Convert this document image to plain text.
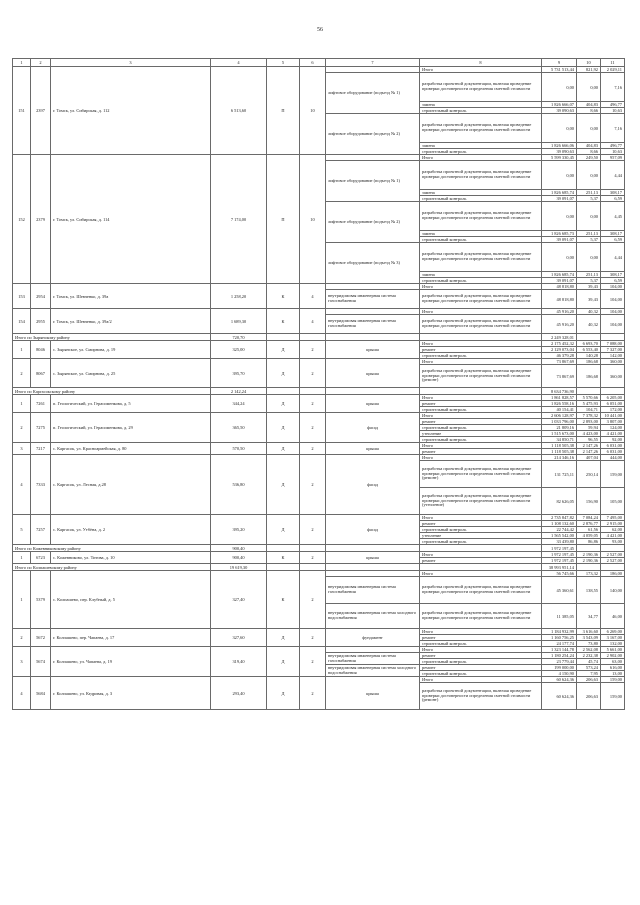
56
1	2	3	4	5	6	7	8	9	10	11
151	2397	г. Томск, ул. Сибирская, д. 112	6 513,60	П	10		Итого	5 731 513,44	821,92	2 029,11
						лифтовое оборудование (подъезд № 1)	разработка проектной документации, включая проведение проверки достоверности определения сметной стоимости	0,00	0,00	7,16
							замена	1 826 666,07	404,83	496,77
							строительный контроль	39 090,63	8,66	10,63
						лифтовое оборудование (подъезд № 2)	разработка проектной документации, включая проведение проверки достоверности определения сметной стоимости	0,00	0,00	7,16
							замена	1 826 666,06	404,83	496,77
							строительный контроль	39 090,63	8,66	10,63
152	2379	г. Томск, ул. Сибирская, д. 114	7 174,00	П	10		Итого	5 599 330,45	249,50	957,09
						лифтовое оборудование (подъезд № 1)	разработка проектной документации, включая проведение проверки достоверности определения сметной стоимости	0,00	0,00	4,44
							замена	1 826 685,74	251,13	308,17
							строительный контроль	39 091,07	5,37	6,59
						лифтовое оборудование (подъезд № 2)	разработка проектной документации, включая проведение проверки достоверности определения сметной стоимости	0,00	0,00	4,45
							замена	1 826 685,73	251,13	308,17
							строительный контроль	39 091,07	5,37	6,59
						лифтовое оборудование (подъезд № 3)	разработка проектной документации, включая проведение проверки достоверности определения сметной стоимости	0,00	0,00	4,44
							замена	1 826 685,74	251,13	308,17
							строительный контроль	39 091,07	5,37	6,59
153	2954	г. Томск, ул. Шевченко, д. 39а	1 258,20	К	4		Итого	48 818,80	39,43	104,00
						внутридомовая инженерная система газоснабжения	разработка проектной документации, включая проведение проверки достоверности определения сметной стоимости	48 818,80	39,43	104,00
154	2955	г. Томск, ул. Шевченко, д. 39а/2	1 689,30	К	4		Итого	45 916,20	40,32	104,00
						внутридомовая инженерная система газоснабжения	разработка проектной документации, включая проведение проверки достоверности определения сметной стоимости	45 916,20	40,32	104,00
Итого по Зырянскому району			720,70					2 249 328,01		
1	8046	с. Зырянское, ул. Смирнова, д. 19	325,00	Д	2	крыша	Итого	2 175 452,32	6 693,70	7 088,00
							ремонт	2 129 073,04	6 553,40	7 327,00
							строительный контроль	46 379,28	140,28	142,00
2	8067	с. Зырянское, ул. Смирнова, д. 25	395,70	Д	2	крыша	Итого	73 867,69	186,68	360,00
							разработка проектной документации, включая проведение проверки достоверности определения сметной стоимости (ремонт)	73 867,69	186,68	360,00
Итого по Каргасокскому району			2 142,24					8 634 736,90		
1	7261	п. Геологический, ул. Герасименкова, д. 5	344,24	Д	2	крыша	Итого	1 861 828,57	5 570,66	6 205,00
							ремонт	1 826 558,16	5 475,93	6 051,00
							строительный контроль	40 154,41	104,71	172,00
2	7275	п. Геологический, ул. Герасименкова, д. 29	365,50	Д	2	фасад	Итого	2 606 128,97	7 378,32	10 441,00
							ремонт	1 033 796,00	2 893,00	3 807,00
							строительный контроль	21 809,16	59,94	124,00
							утепление	1 515 673,00	4 423,00	4 421,00
							строительный контроль	34 850,71	96,55	92,00
3	7217	с. Каргасок, ул. Красноармейская, д. 80	570,50	Д	2	крыша	Итого	1 118 505,38	2 147,26	6 031,00
							ремонт	1 118 505,38	2 147,26	6 031,00
4	7333	с. Каргасок, ул. Лесная, д.28	536,80	Д	2	фасад	Итого	214 346,16	407,04	444,00
							разработка проектной документации, включая проведение проверки достоверности определения сметной стоимости (ремонт)	131 725,11	250,14	159,00
							разработка проектной документации, включая проведение проверки достоверности определения сметной стоимости (утепление)	82 626,05	156,90	105,00
5	7257	с. Каргасок, ул. Утбёна, д. 2	395,20	Д	2	фасад	Итого	2 735 847,82	7 084,24	7 495,00
							ремонт	1 108 132,60	2 876,77	2 915,00
							строительный контроль	22 744,42	61,56	62,00
							утепление	1 565 542,00	4 059,05	4 421,00
							строительный контроль	33 439,80	86,86	93,00
Итого по Кожевниковскому району			900,40					1 972 197,45		
1	6723	с. Кожевниково, ул. Титова, д. 10	900,40	К	2	крыша	Итого	1 972 197,45	2 190,36	2 527,00
							ремонт	1 972 197,45	2 190,36	2 527,00
Итого по Колпашевскому району			19 619,30					38 993 951,14		
1	5379	с. Колпашево, пер. Клубный, д. 5	327,40	К	2		Итого	56 745,66	173,32	186,00
						внутридомовая инженерная система газоснабжения	разработка проектной документации, включая проведение проверки достоверности определения сметной стоимости	45 360,61	138,55	140,00
						внутридомовая инженерная система холодного водоснабжения	разработка проектной документации, включая проведение проверки достоверности определения сметной стоимости	11 385,05	34,77	46,00
2	5672	г. Колпашево, пер. Чапаева, д. 17	327,60	Д	2	фундамент	Итого	1 184 932,99	3 616,60	6 269,00
							ремонт	1 160 756,25	3 543,09	3 167,00
							строительный контроль	24 177,74	73,80	132,00
3	5674	г. Колпашево, ул. Чапаева, д. 19	319,40	Д	2		Итого	1 323 144,78	2 562,08	5 661,00
						внутридомовая инженерная система газоснабжения	ремонт	1 180 254,24	2 232,38	2 902,00
							строительный контроль	23 779,44	45,74	63,00
						внутридомовая инженерная система холодного водоснабжения	ремонт	199 000,00	573,24	616,00
							строительный контроль	4 150,90	7,95	13,00
4	5684	г. Колпашево, ул. Кедровая, д. 3	293,40	Д	2	крыша	Итого	60 624,36	206,63	159,00
							разработка проектной документации, включая проведение проверки достоверности определения сметной стоимости (ремонт)	60 624,36	206,63	159,00
